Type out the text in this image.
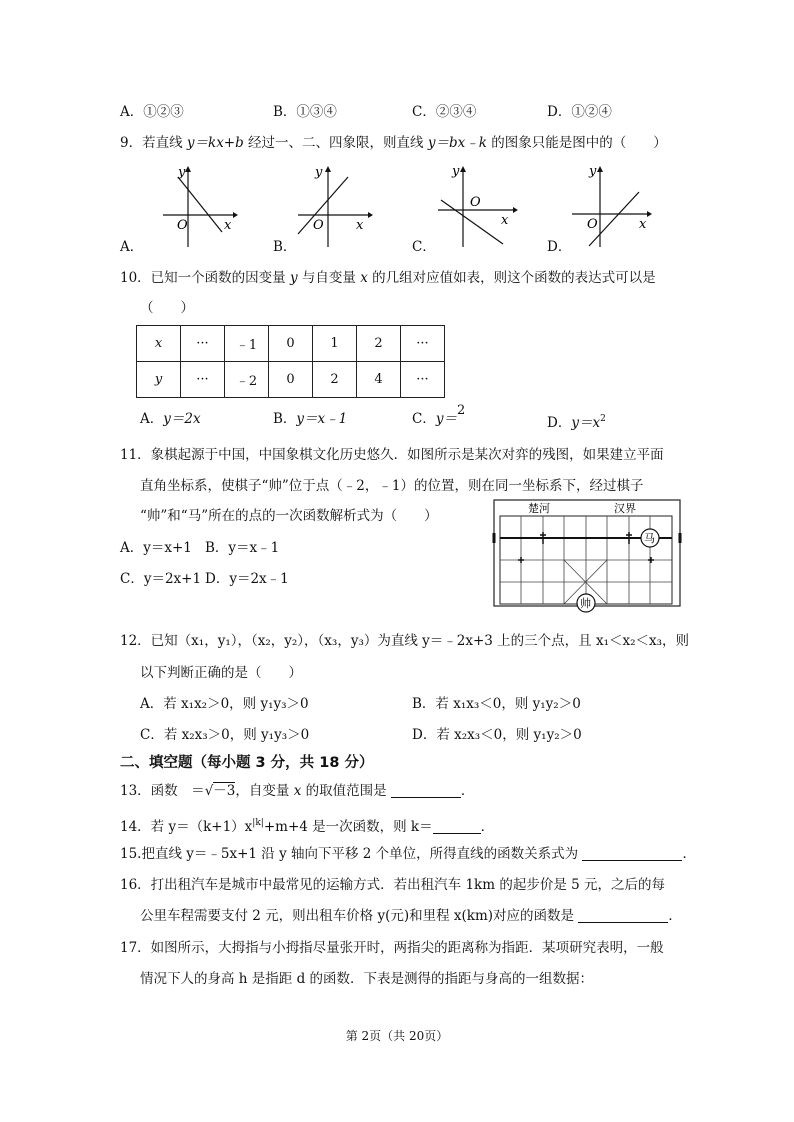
A．①②③	B．①③④	C．②③④	D．①②④
9．若直线 y＝kx+b 经过一、二、四象限，则直线 y＝bx﹣k 的图象只能是图中的（　　）
y
O	x
A．
y
O x
B．
y
O
x
C．
y
O	x
D．
10．已知一个函数的因变量 y 与自变量 x 的几组对应值如表，则这个函数的表达式可以是
（　　）
x	···	﹣1	0	1	2	···
y	···	﹣2	0	2	4	···
A．y＝2x	B．y＝x﹣1	C．y＝2
D．$y=x^2$
11．象棋起源于中国，中国象棋文化历史悠久．如图所示是某次对弈的残图，如果建立平面
直角坐标系，使棋子“帅”位于点（﹣2，﹣1）的位置，则在同一坐标系下，经过棋子
“帅”和“马”所在的点的一次函数解析式为（　　）
A．y＝x+1 B．y＝x﹣1
C．y＝2x+1 D．y＝2x﹣1
楚河	汉界
马
帅
12．已知（x₁，y₁），（x₂，y₂），（x₃，y₃）为直线 y＝﹣2x+3 上的三个点，且 x₁＜x₂＜x₃，则
以下判断正确的是（　　）
A．若 x₁x₂＞0，则 y₁y₃＞0	B．若 x₁x₃＜0，则 y₁y₂＞0
C．若 x₂x₃＞0，则 y₁y₃＞0	D．若 x₂x₃＜0，则 y₁y₂＞0
二、填空题（每小题 3 分，共 18 分）
13．函数　＝√－3，自变量 x 的取值范围是	．
14．若 $y=(k+1)x^{|k|}+m+4$ 是一次函数，则 k＝	．
15.把直线 y＝﹣5x+1 沿 y 轴向下平移 2 个单位，所得直线的函数关系式为	．
16．打出租汽车是城市中最常见的运输方式．若出租汽车 1km 的起步价是 5 元，之后的每
公里车程需要支付 2 元，则出租车价格 y(元)和里程 x(km)对应的函数是	．
17．如图所示，大拇指与小拇指尽量张开时，两指尖的距离称为指距．某项研究表明，一般
情况下人的身高 h 是指距 d 的函数．下表是测得的指距与身高的一组数据：
第 2页（共 20页）
